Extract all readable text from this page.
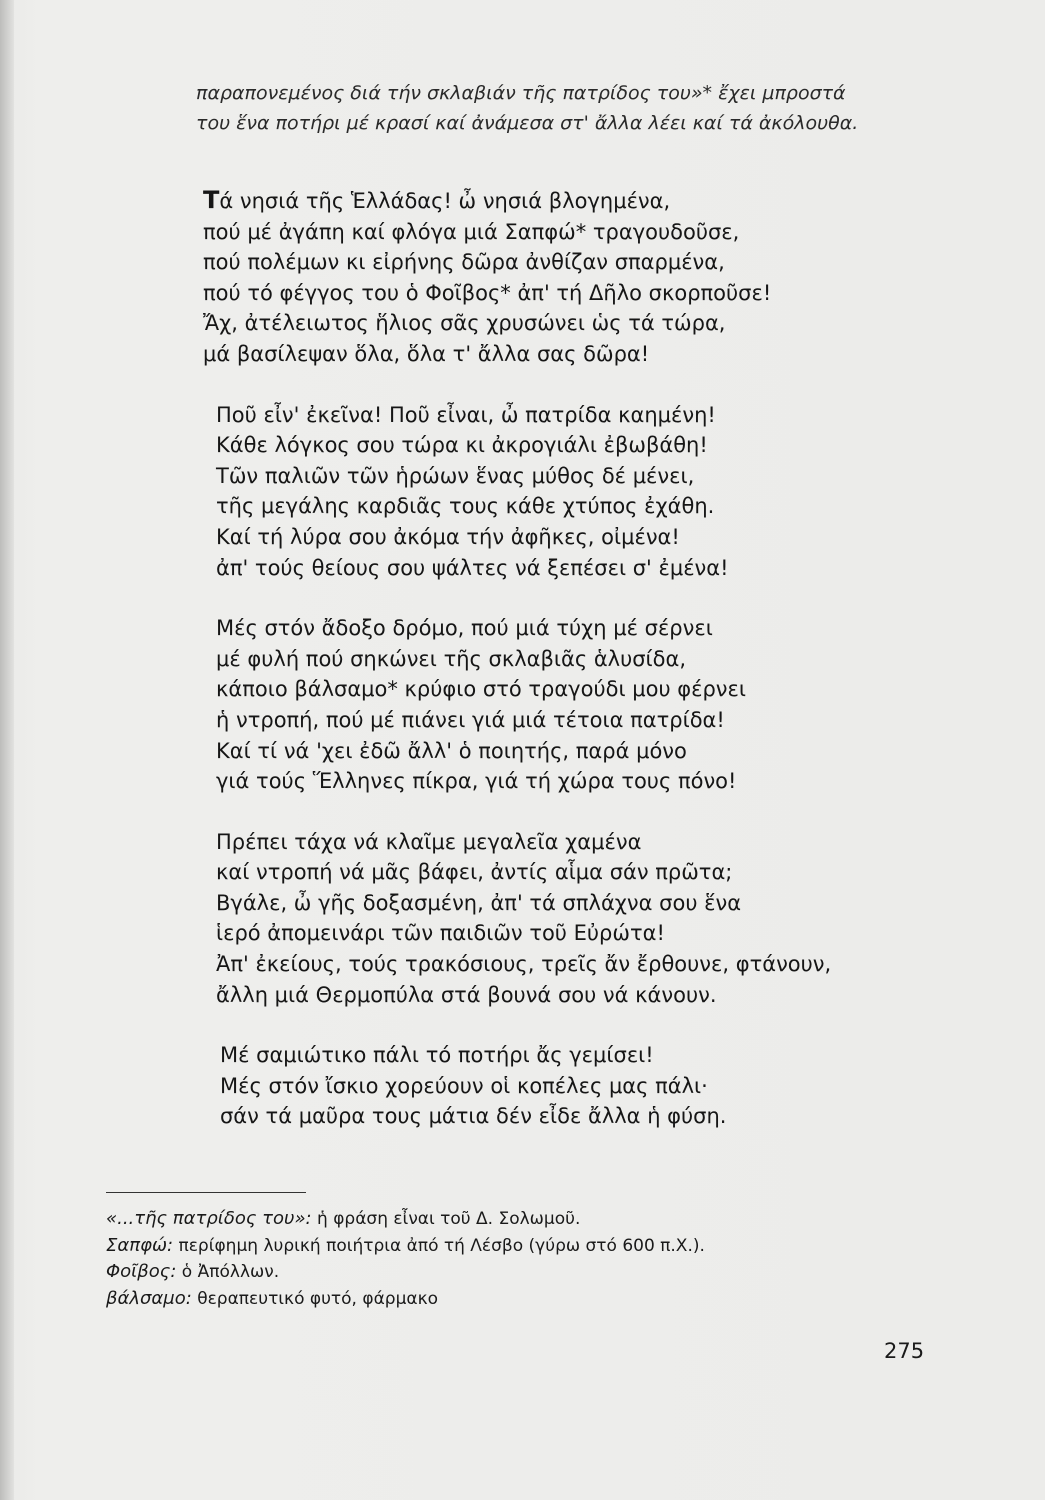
παραπονεμένος διά τήν σκλαβιάν τῆς πατρίδος του»* ἔχει μπροστά

του ἕνα ποτήρι μέ κρασί καί ἀνάμεσα στ' ἄλλα λέει καί τά ἀκόλουθα.

Τά νησιά τῆς Ἑλλάδας! ὦ νησιά βλογημένα,

πού μέ ἀγάπη καί φλόγα μιά Σαπφώ* τραγουδοῦσε,

πού πολέμων κι εἰρήνης δῶρα ἀνθίζαν σπαρμένα,

πού τό φέγγος του ὁ Φοῖβος* ἀπ' τή Δῆλο σκορποῦσε!

Ἄχ, ἀτέλειωτος ἥλιος σᾶς χρυσώνει ὡς τά τώρα,

μά βασίλεψαν ὅλα, ὅλα τ' ἄλλα σας δῶρα!

Ποῦ εἶν' ἐκεῖνα! Ποῦ εἶναι, ὦ πατρίδα καημένη!

Κάθε λόγκος σου τώρα κι ἀκρογιάλι ἐβωβάθη!

Τῶν παλιῶν τῶν ἡρώων ἕνας μύθος δέ μένει,

τῆς μεγάλης καρδιᾶς τους κάθε χτύπος ἐχάθη.

Καί τή λύρα σου ἀκόμα τήν ἀφῆκες, οἰμένα!

ἀπ' τούς θείους σου ψάλτες νά ξεπέσει σ' ἐμένα!

Μές στόν ἄδοξο δρόμο, πού μιά τύχη μέ σέρνει

μέ φυλή πού σηκώνει τῆς σκλαβιᾶς ἁλυσίδα,

κάποιο βάλσαμο* κρύφιο στό τραγούδι μου φέρνει

ἡ ντροπή, πού μέ πιάνει γιά μιά τέτοια πατρίδα!

Καί τί νά 'χει ἐδῶ ἄλλ' ὁ ποιητής, παρά μόνο

γιά τούς Ἕλληνες πίκρα, γιά τή χώρα τους πόνο!

Πρέπει τάχα νά κλαῖμε μεγαλεῖα χαμένα

καί ντροπή νά μᾶς βάφει, ἀντίς αἷμα σάν πρῶτα;

Βγάλε, ὦ γῆς δοξασμένη, ἀπ' τά σπλάχνα σου ἕνα

ἱερό ἀπομεινάρι τῶν παιδιῶν τοῦ Εὐρώτα!

Ἀπ' ἐκείους, τούς τρακόσιους, τρεῖς ἄν ἔρθουνε, φτάνουν,

ἄλλη μιά Θερμοπύλα στά βουνά σου νά κάνουν.

Μέ σαμιώτικο πάλι τό ποτήρι ἄς γεμίσει!

Μές στόν ἴσκιο χορεύουν οἱ κοπέλες μας πάλι·

σάν τά μαῦρα τους μάτια δέν εἶδε ἄλλα ἡ φύση.

«...τῆς πατρίδος του»: ἡ φράση εἶναι τοῦ Δ. Σολωμοῦ.

Σαπφώ: περίφημη λυρική ποιήτρια ἀπό τή Λέσβο (γύρω στό 600 π.Χ.).

Φοῖβος: ὁ Ἀπόλλων.

βάλσαμο: θεραπευτικό φυτό, φάρμακο

275
